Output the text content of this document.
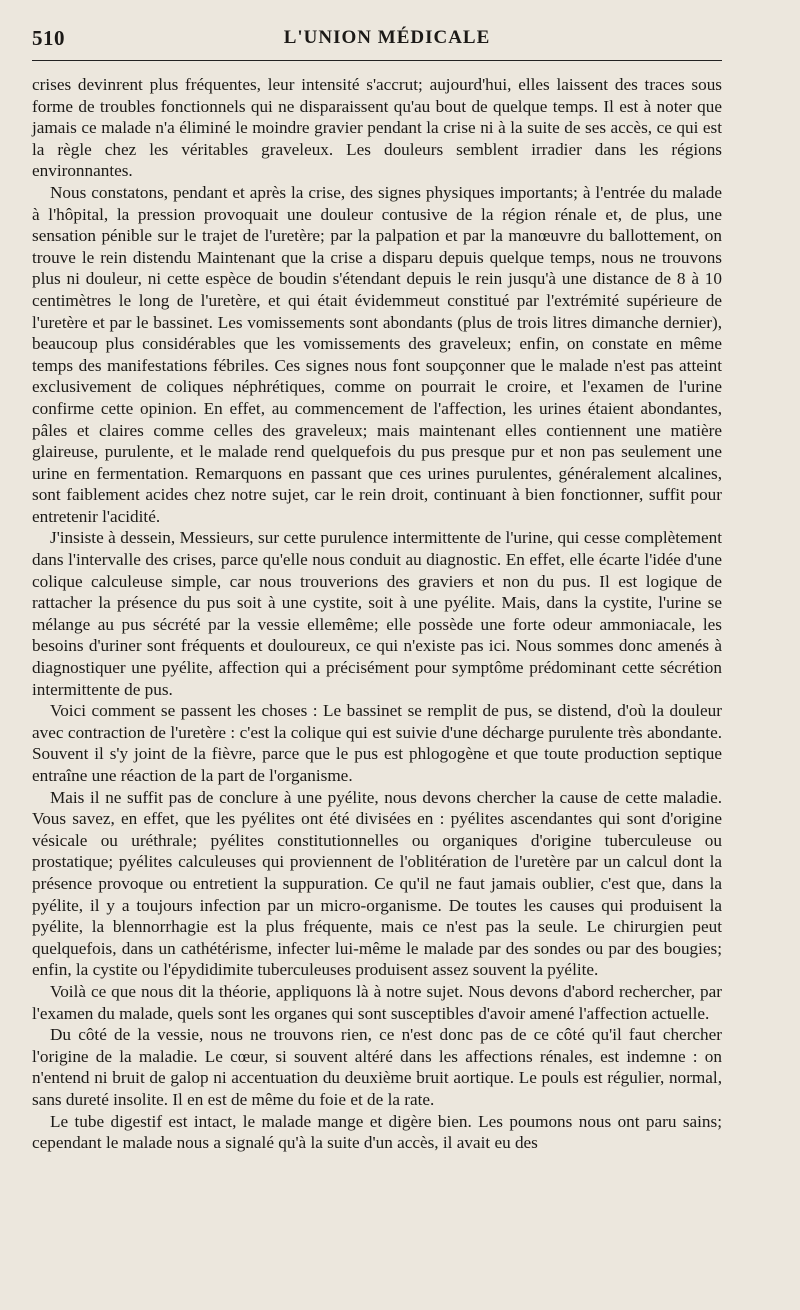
510	L'UNION MÉDICALE

crises devinrent plus fréquentes, leur intensité s'accrut; aujourd'hui, elles laissent des traces sous forme de troubles fonctionnels qui ne disparaissent qu'au bout de quelque temps. Il est à noter que jamais ce malade n'a éliminé le moindre gravier pendant la crise ni à la suite de ses accès, ce qui est la règle chez les véritables graveleux. Les douleurs semblent irradier dans les régions environnantes.

Nous constatons, pendant et après la crise, des signes physiques importants; à l'entrée du malade à l'hôpital, la pression provoquait une douleur contusive de la région rénale et, de plus, une sensation pénible sur le trajet de l'uretère; par la palpation et par la manœuvre du ballottement, on trouve le rein distendu Maintenant que la crise a disparu depuis quelque temps, nous ne trouvons plus ni douleur, ni cette espèce de boudin s'étendant depuis le rein jusqu'à une distance de 8 à 10 centimètres le long de l'uretère, et qui était évidemmeut constitué par l'extrémité supérieure de l'uretère et par le bassinet. Les vomissements sont abondants (plus de trois litres dimanche dernier), beaucoup plus considérables que les vomissements des graveleux; enfin, on constate en même temps des manifestations fébriles. Ces signes nous font soupçonner que le malade n'est pas atteint exclusivement de coliques néphrétiques, comme on pourrait le croire, et l'examen de l'urine confirme cette opinion. En effet, au commencement de l'affection, les urines étaient abondantes, pâles et claires comme celles des graveleux; mais maintenant elles contiennent une matière glaireuse, purulente, et le malade rend quelquefois du pus presque pur et non pas seulement une urine en fermentation. Remarquons en passant que ces urines purulentes, généralement alcalines, sont faiblement acides chez notre sujet, car le rein droit, continuant à bien fonctionner, suffit pour entretenir l'acidité.

J'insiste à dessein, Messieurs, sur cette purulence intermittente de l'urine, qui cesse complètement dans l'intervalle des crises, parce qu'elle nous conduit au diagnostic. En effet, elle écarte l'idée d'une colique calculeuse simple, car nous trouverions des graviers et non du pus. Il est logique de rattacher la présence du pus soit à une cystite, soit à une pyélite. Mais, dans la cystite, l'urine se mélange au pus sécrété par la vessie ellemême; elle possède une forte odeur ammoniacale, les besoins d'uriner sont fréquents et douloureux, ce qui n'existe pas ici. Nous sommes donc amenés à diagnostiquer une pyélite, affection qui a précisément pour symptôme prédominant cette sécrétion intermittente de pus.

Voici comment se passent les choses : Le bassinet se remplit de pus, se distend, d'où la douleur avec contraction de l'uretère : c'est la colique qui est suivie d'une décharge purulente très abondante. Souvent il s'y joint de la fièvre, parce que le pus est phlogogène et que toute production septique entraîne une réaction de la part de l'organisme.

Mais il ne suffit pas de conclure à une pyélite, nous devons chercher la cause de cette maladie. Vous savez, en effet, que les pyélites ont été divisées en : pyélites ascendantes qui sont d'origine vésicale ou uréthrale; pyélites constitutionnelles ou organiques d'origine tuberculeuse ou prostatique; pyélites calculeuses qui proviennent de l'oblitération de l'uretère par un calcul dont la présence provoque ou entretient la suppuration. Ce qu'il ne faut jamais oublier, c'est que, dans la pyélite, il y a toujours infection par un micro-organisme. De toutes les causes qui produisent la pyélite, la blennorrhagie est la plus fréquente, mais ce n'est pas la seule. Le chirurgien peut quelquefois, dans un cathétérisme, infecter lui-même le malade par des sondes ou par des bougies; enfin, la cystite ou l'épydidimite tuberculeuses produisent assez souvent la pyélite.

Voilà ce que nous dit la théorie, appliquons là à notre sujet. Nous devons d'abord rechercher, par l'examen du malade, quels sont les organes qui sont susceptibles d'avoir amené l'affection actuelle.

Du côté de la vessie, nous ne trouvons rien, ce n'est donc pas de ce côté qu'il faut chercher l'origine de la maladie. Le cœur, si souvent altéré dans les affections rénales, est indemne : on n'entend ni bruit de galop ni accentuation du deuxième bruit aortique. Le pouls est régulier, normal, sans dureté insolite. Il en est de même du foie et de la rate.

Le tube digestif est intact, le malade mange et digère bien. Les poumons nous ont paru sains; cependant le malade nous a signalé qu'à la suite d'un accès, il avait eu des
